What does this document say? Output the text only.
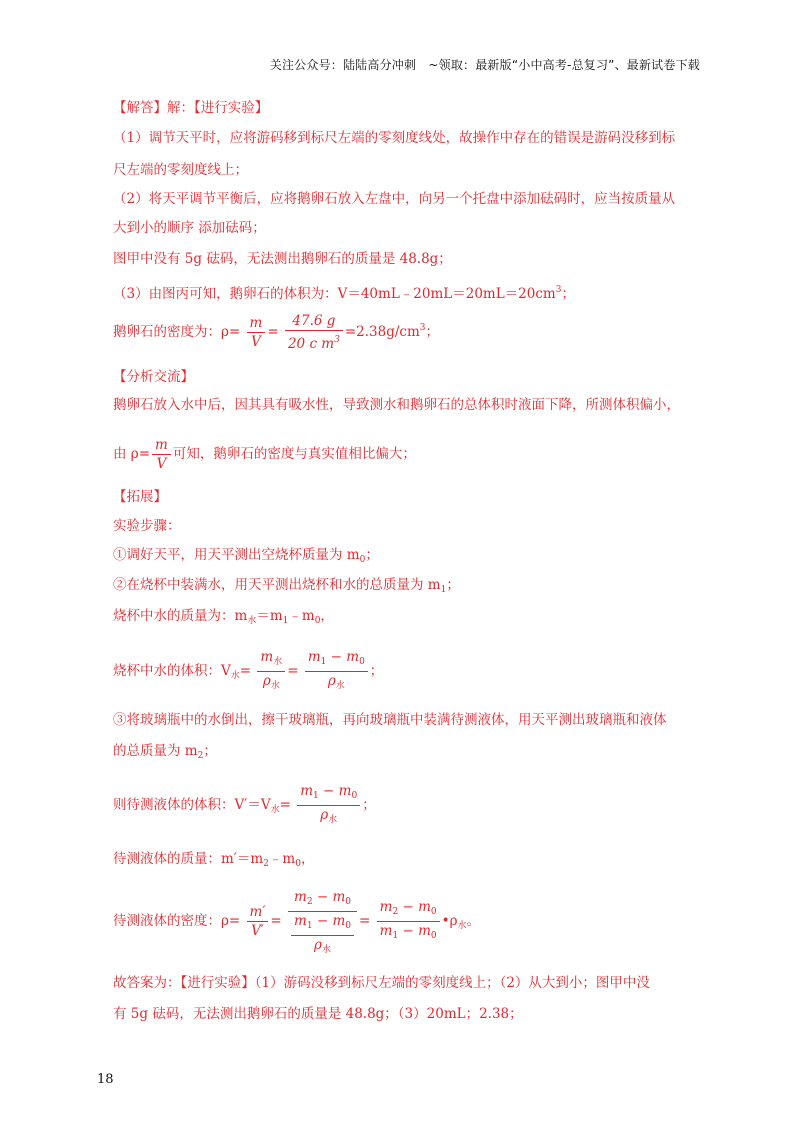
关注公众号：陆陆高分冲刺　~领取：最新版“小中高考-总复习”、最新试卷下载
【解答】解：【进行实验】
（1）调节天平时，应将游码移到标尺左端的零刻度线处，故操作中存在的错误是游码没移到标
尺左端的零刻度线上；
（2）将天平调节平衡后，应将鹅卵石放入左盘中，向另一个托盘中添加砝码时，应当按质量从
大到小的顺序 添加砝码；
图甲中没有 5g 砝码，无法测出鹅卵石的质量是 48.8g；
（3）由图丙可知，鹅卵石的体积为：$V=40mL﹣20mL=20mL=20cm^3$；
鹅卵石的密度为：$\rho= \frac{m}{V} = \frac{47.6 g}{20 c m^3} =2.38g/cm^3$；
【分析交流】
鹅卵石放入水中后，因其具有吸水性，导致测水和鹅卵石的总体积时液面下降，所测体积偏小，
由 $\rho= \frac{m}{V}$ 可知，鹅卵石的密度与真实值相比偏大；
【拓展】
实验步骤：
①调好天平，用天平测出空烧杯质量为 $m_0$；
②在烧杯中装满水，用天平测出烧杯和水的总质量为 $m_1$；
烧杯中水的质量为：$m_水=m_1﹣m_0$，
烧杯中水的体积：$V_水= \frac{m_水}{\rho_水} = \frac{m_1 - m_0}{\rho_水}$ ；
③将玻璃瓶中的水倒出，擦干玻璃瓶，再向玻璃瓶中装满待测液体，用天平测出玻璃瓶和液体
的总质量为 $m_2$；
则待测液体的体积：$V'=V_水= \frac{m_1 - m_0}{\rho_水}$ ；
待测液体的质量：$m'=m_2﹣m_0$，
待测液体的密度：$\rho= \frac{m'}{V'} = \frac{m_2 - m_0}{\frac{m_1 - m_0}{\rho_水}} = \frac{m_2 - m_0}{m_1 - m_0}$ $•\rho_水$。
故答案为：【进行实验】（1）游码没移到标尺左端的零刻度线上；（2）从大到小；图甲中没
有 5g 砝码，无法测出鹅卵石的质量是 48.8g；（3）20mL；2.38；
18
